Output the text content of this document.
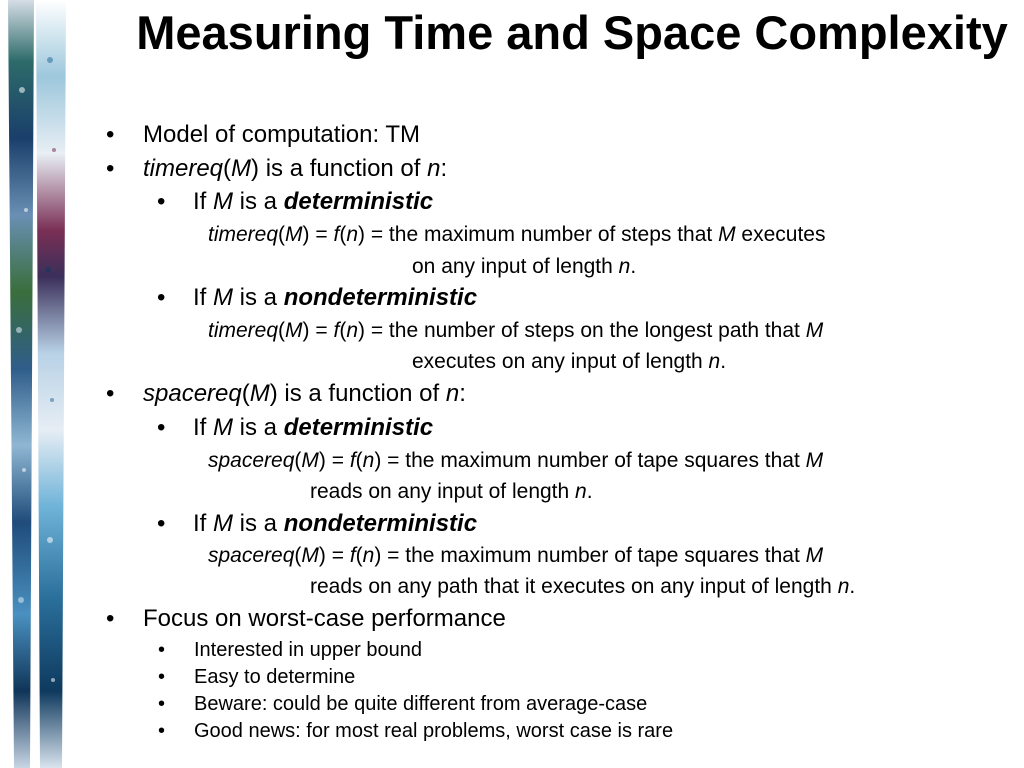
Measuring Time and Space Complexity
• Model of computation: TM
• timereq(M) is a function of n:
• If M is a deterministic
timereq(M) = f(n) = the maximum number of steps that M executes
on any input of length n.
• If M is a nondeterministic
timereq(M) = f(n) = the number of steps on the longest path that M
executes on any input of length n.
• spacereq(M) is a function of n:
• If M is a deterministic
spacereq(M) = f(n) = the maximum number of tape squares that M
reads on any input of length n.
• If M is a nondeterministic
spacereq(M) = f(n) = the maximum number of tape squares that M
reads on any path that it executes on any input of length n.
• Focus on worst-case performance
• Interested in upper bound
• Easy to determine
• Beware: could be quite different from average-case
• Good news: for most real problems, worst case is rare
